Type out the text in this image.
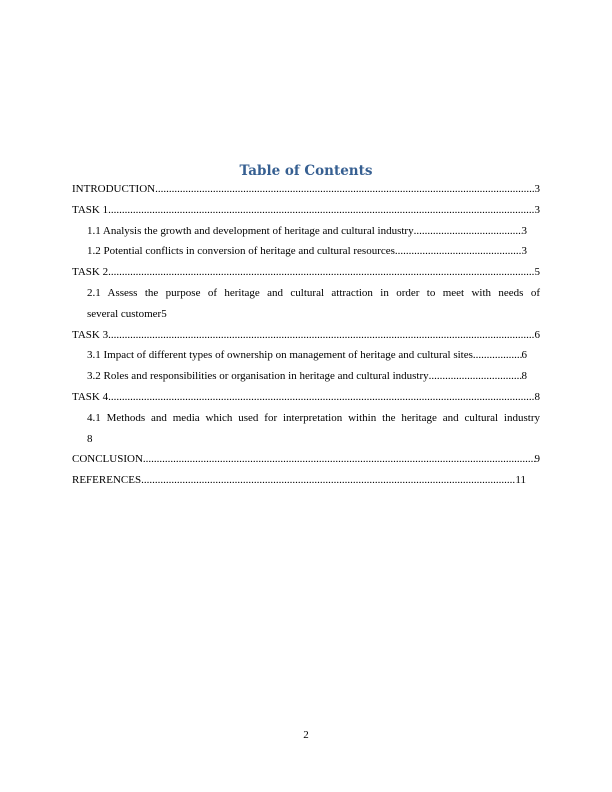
Table of Contents
INTRODUCTION .....	3
TASK 1 .....	3
1.1 Analysis the growth and development of heritage and cultural industry .....	3
1.2 Potential conflicts in conversion of heritage and cultural resources .....	3
TASK 2 .....	5
2.1 Assess the purpose of heritage and cultural attraction in order to meet with needs of
several customer 5
TASK 3 .....	6
3.1 Impact of different types of ownership on management of heritage and cultural sites .....	6
3.2 Roles and responsibilities or organisation in heritage and cultural industry .....	8
TASK 4 .....	8
4.1 Methods and media which used for interpretation within the heritage and cultural industry
8
CONCLUSION .....	9
REFERENCES .....	11
2
